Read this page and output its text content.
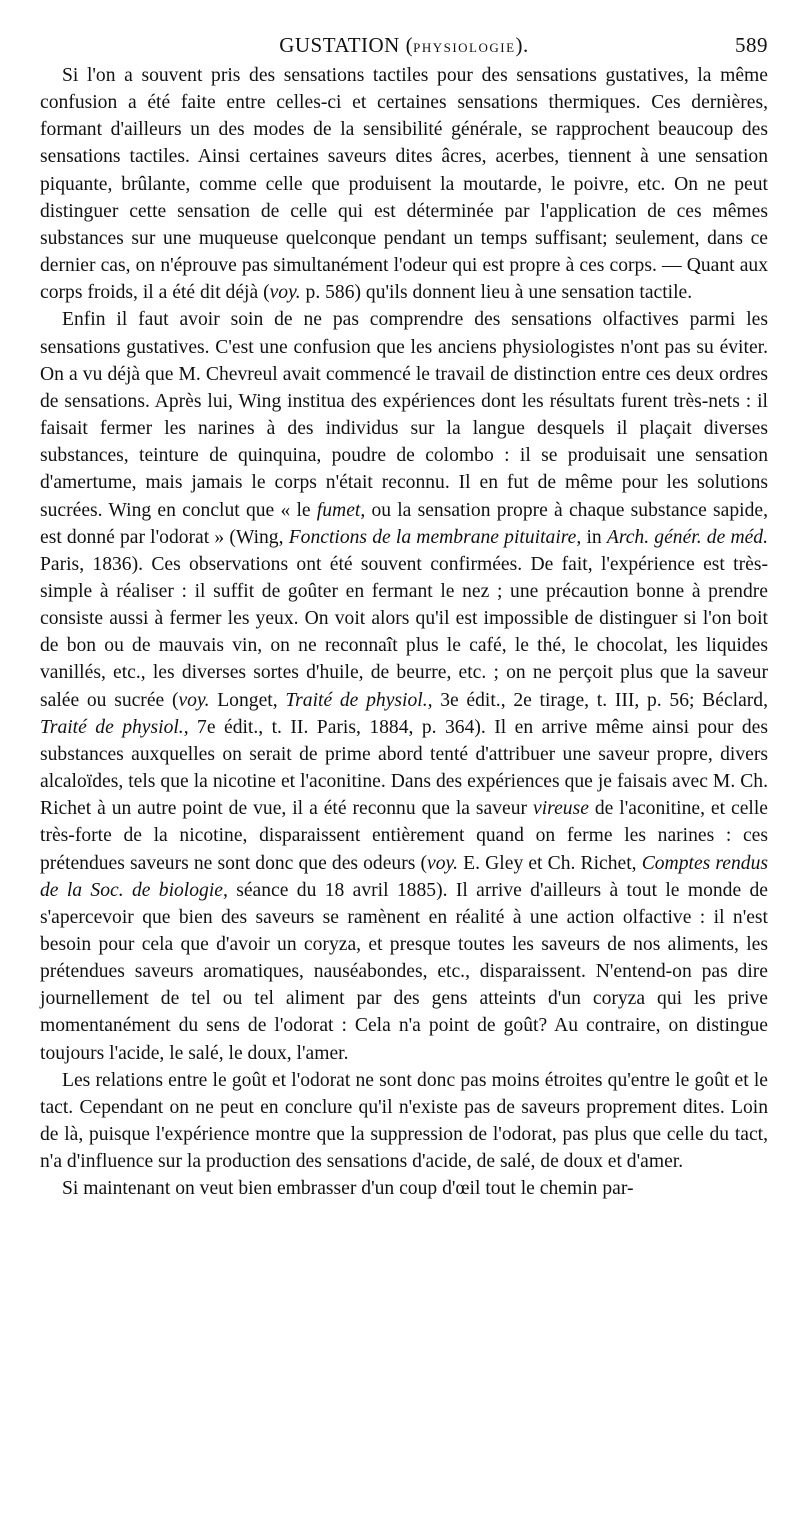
GUSTATION (PHYSIOLOGIE).	589

Si l'on a souvent pris des sensations tactiles pour des sensations gustatives, la même confusion a été faite entre celles-ci et certaines sensations thermiques. Ces dernières, formant d'ailleurs un des modes de la sensibilité générale, se rapprochent beaucoup des sensations tactiles. Ainsi certaines saveurs dites âcres, acerbes, tiennent à une sensation piquante, brûlante, comme celle que produisent la moutarde, le poivre, etc. On ne peut distinguer cette sensation de celle qui est déterminée par l'application de ces mêmes substances sur une muqueuse quelconque pendant un temps suffisant; seulement, dans ce dernier cas, on n'éprouve pas simultanément l'odeur qui est propre à ces corps. — Quant aux corps froids, il a été dit déjà (voy. p. 586) qu'ils donnent lieu à une sensation tactile.

Enfin il faut avoir soin de ne pas comprendre des sensations olfactives parmi les sensations gustatives. C'est une confusion que les anciens physiologistes n'ont pas su éviter. On a vu déjà que M. Chevreul avait commencé le travail de distinction entre ces deux ordres de sensations. Après lui, Wing institua des expériences dont les résultats furent très-nets : il faisait fermer les narines à des individus sur la langue desquels il plaçait diverses substances, teinture de quinquina, poudre de colombo : il se produisait une sensation d'amertume, mais jamais le corps n'était reconnu. Il en fut de même pour les solutions sucrées. Wing en conclut que « le fumet, ou la sensation propre à chaque substance sapide, est donné par l'odorat » (Wing, Fonctions de la membrane pituitaire, in Arch. génér. de méd. Paris, 1836). Ces observations ont été souvent confirmées. De fait, l'expérience est très-simple à réaliser : il suffit de goûter en fermant le nez ; une précaution bonne à prendre consiste aussi à fermer les yeux. On voit alors qu'il est impossible de distinguer si l'on boit de bon ou de mauvais vin, on ne reconnaît plus le café, le thé, le chocolat, les liquides vanillés, etc., les diverses sortes d'huile, de beurre, etc. ; on ne perçoit plus que la saveur salée ou sucrée (voy. Longet, Traité de physiol., 3e édit., 2e tirage, t. III, p. 56; Béclard, Traité de physiol., 7e édit., t. II. Paris, 1884, p. 364). Il en arrive même ainsi pour des substances auxquelles on serait de prime abord tenté d'attribuer une saveur propre, divers alcaloïdes, tels que la nicotine et l'aconitine. Dans des expériences que je faisais avec M. Ch. Richet à un autre point de vue, il a été reconnu que la saveur vireuse de l'aconitine, et celle très-forte de la nicotine, disparaissent entièrement quand on ferme les narines : ces prétendues saveurs ne sont donc que des odeurs (voy. E. Gley et Ch. Richet, Comptes rendus de la Soc. de biologie, séance du 18 avril 1885). Il arrive d'ailleurs à tout le monde de s'apercevoir que bien des saveurs se ramènent en réalité à une action olfactive : il n'est besoin pour cela que d'avoir un coryza, et presque toutes les saveurs de nos aliments, les prétendues saveurs aromatiques, nauséabondes, etc., disparaissent. N'entend-on pas dire journellement de tel ou tel aliment par des gens atteints d'un coryza qui les prive momentanément du sens de l'odorat : Cela n'a point de goût? Au contraire, on distingue toujours l'acide, le salé, le doux, l'amer.

Les relations entre le goût et l'odorat ne sont donc pas moins étroites qu'entre le goût et le tact. Cependant on ne peut en conclure qu'il n'existe pas de saveurs proprement dites. Loin de là, puisque l'expérience montre que la suppression de l'odorat, pas plus que celle du tact, n'a d'influence sur la production des sensations d'acide, de salé, de doux et d'amer.

Si maintenant on veut bien embrasser d'un coup d'œil tout le chemin par-
